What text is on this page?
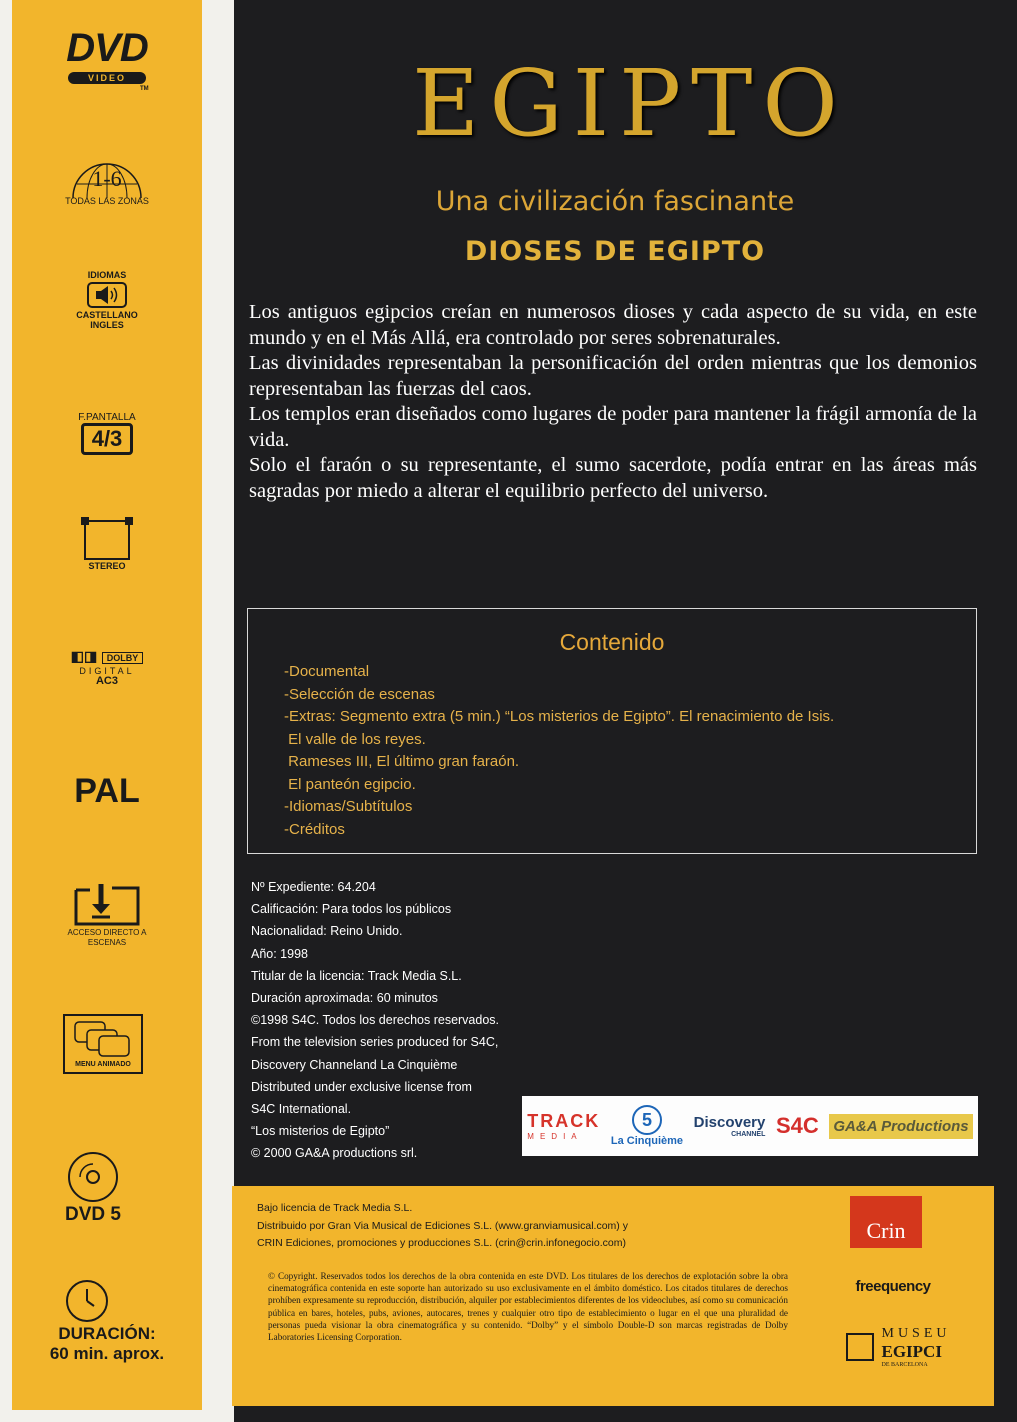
DVD
VIDEO
TM
1-6
TODAS LAS ZONAS
IDIOMAS
CASTELLANO
INGLES
F.PANTALLA
4/3
STEREO
◧◨ DOLBY
DIGITAL
AC3
PAL
ACCESO DIRECTO A ESCENAS
MENU ANIMADO
DVD 5
DURACIÓN:
60 min. aprox.
EGIPTO
Una civilización fascinante
DIOSES DE EGIPTO

Los antiguos egipcios creían en numerosos dioses y cada aspecto de su vida, en este mundo y en el Más Allá, era controlado por seres sobrenaturales.

Las divinidades representaban la personificación del orden mientras que los demonios representaban las fuerzas del caos.

Los templos eran diseñados como lugares de poder para mantener la frágil armonía de la vida.

Solo el faraón o su representante, el sumo sacerdote, podía entrar en las áreas más sagradas por miedo a alterar el equilibrio perfecto del universo.

Contenido
-Documental
-Selección de escenas
-Extras: Segmento extra (5 min.) “Los misterios de Egipto”. El renacimiento de Isis.
El valle de los reyes.
Rameses III, El último gran faraón.
El panteón egipcio.
-Idiomas/Subtítulos
-Créditos
Nº Expediente: 64.204
Calificación: Para todos los públicos
Nacionalidad: Reino Unido.
Año: 1998
Titular de la licencia: Track Media S.L.
Duración aproximada: 60 minutos
©1998 S4C. Todos los derechos reservados.
From the television series produced for S4C,
Discovery Channeland La Cinquième
Distributed under exclusive license from
S4C International.
“Los misterios de Egipto”
© 2000 GA&A productions srl.
TRACK
MEDIA
5
La Cinquième
Discovery
CHANNEL S4C GA&A Productions

Bajo licencia de Track Media S.L.

Distribuido por Gran Via Musical de Ediciones S.L. (www.granviamusical.com) y

CRIN Ediciones, promociones y producciones S.L. (crin@crin.infonegocio.com)

© Copyright. Reservados todos los derechos de la obra contenida en este DVD. Los titulares de los derechos de explotación sobre la obra cinematográfica contenida en este soporte han autorizado su uso exclusivamente en el ámbito doméstico. Los citados titulares de derechos prohíben expresamente su reproducción, distribución, alquiler por establecimientos diferentes de los videoclubes, así como su comunicación pública en bares, hoteles, pubs, aviones, autocares, trenes y cualquier otro tipo de establecimiento o lugar en el que una pluralidad de personas pueda visionar la obra cinematográfica y su contenido. “Dolby” y el símbolo Double-D son marcas registradas de Dolby Laboratories Licensing Corporation.

Crin
freequency

MUSEU
EGIPCI
DE BARCELONA
